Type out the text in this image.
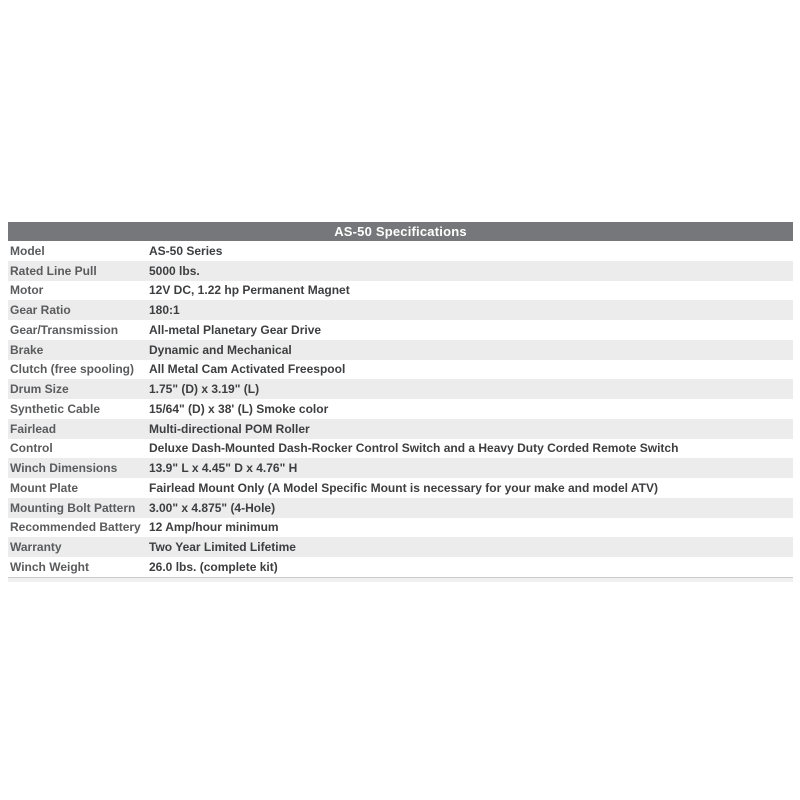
AS-50 Specifications
Model	AS-50 Series
Rated Line Pull	5000 lbs.
Motor	12V DC, 1.22 hp Permanent Magnet
Gear Ratio	180:1
Gear/Transmission	All-metal Planetary Gear Drive
Brake	Dynamic and Mechanical
Clutch (free spooling)	All Metal Cam Activated Freespool
Drum Size	1.75" (D) x 3.19" (L)
Synthetic Cable	15/64" (D) x 38' (L) Smoke color
Fairlead	Multi-directional POM Roller
Control	Deluxe Dash-Mounted Dash-Rocker Control Switch and a Heavy Duty Corded Remote Switch
Winch Dimensions	13.9" L x 4.45" D x 4.76" H
Mount Plate	Fairlead Mount Only (A Model Specific Mount is necessary for your make and model ATV)
Mounting Bolt Pattern	3.00" x 4.875" (4-Hole)
Recommended Battery 12 Amp/hour minimum
Warranty	Two Year Limited Lifetime
Winch Weight	26.0 lbs. (complete kit)
